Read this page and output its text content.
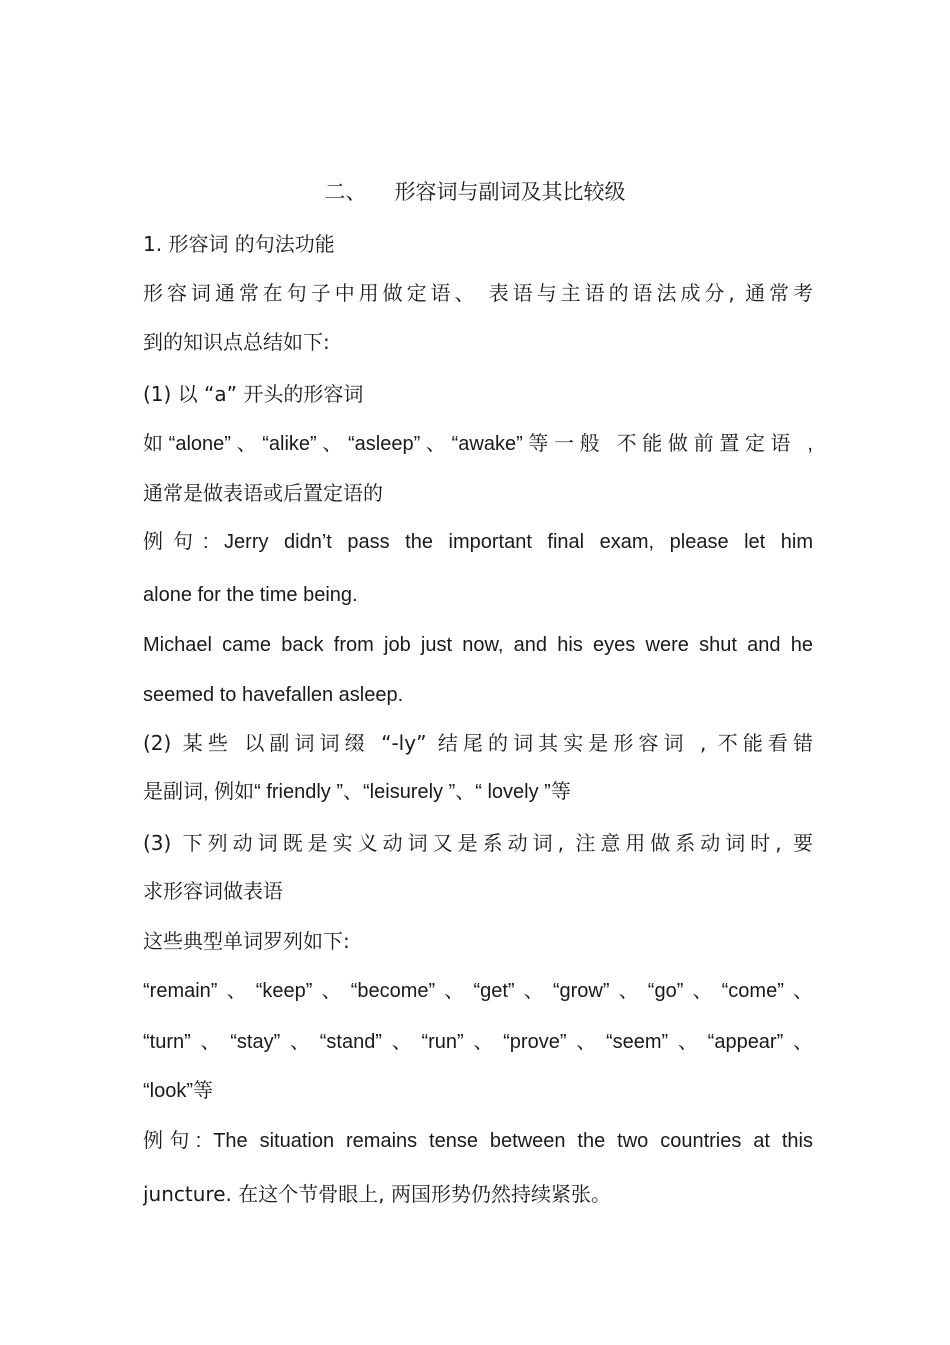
二、 形容词与副词及其比较级
1. 形容词 的句法功能
形容词通常在句子中用做定语、 表语与主语的语法成分, 通常考
到的知识点总结如下:
(1) 以 “a” 开头的形容词
如“alone”、“alike”、“asleep”、“awake”等一般 不能做前置定语 ,
通常是做表语或后置定语的
例句: Jerry didn’t pass the important final exam, please let him
alone for the time being.
Michael came back from job just now, and his eyes were shut and he
seemed to havefallen asleep.
(2) 某些 以副词词缀 “-ly” 结尾的词其实是形容词 , 不能看错
是副词, 例如“ friendly ”、“leisurely ”、“ lovely ”等
(3) 下列动词既是实义动词又是系动词, 注意用做系动词时, 要
求形容词做表语
这些典型单词罗列如下:
“remain”、“keep”、“become”、“get”、“grow”、“go”、“come”、
“turn”、“stay”、“stand”、“run”、“prove”、“seem”、“appear”、
“look”等
例句: The situation remains tense between the two countries at this
juncture. 在这个节骨眼上, 两国形势仍然持续紧张。
